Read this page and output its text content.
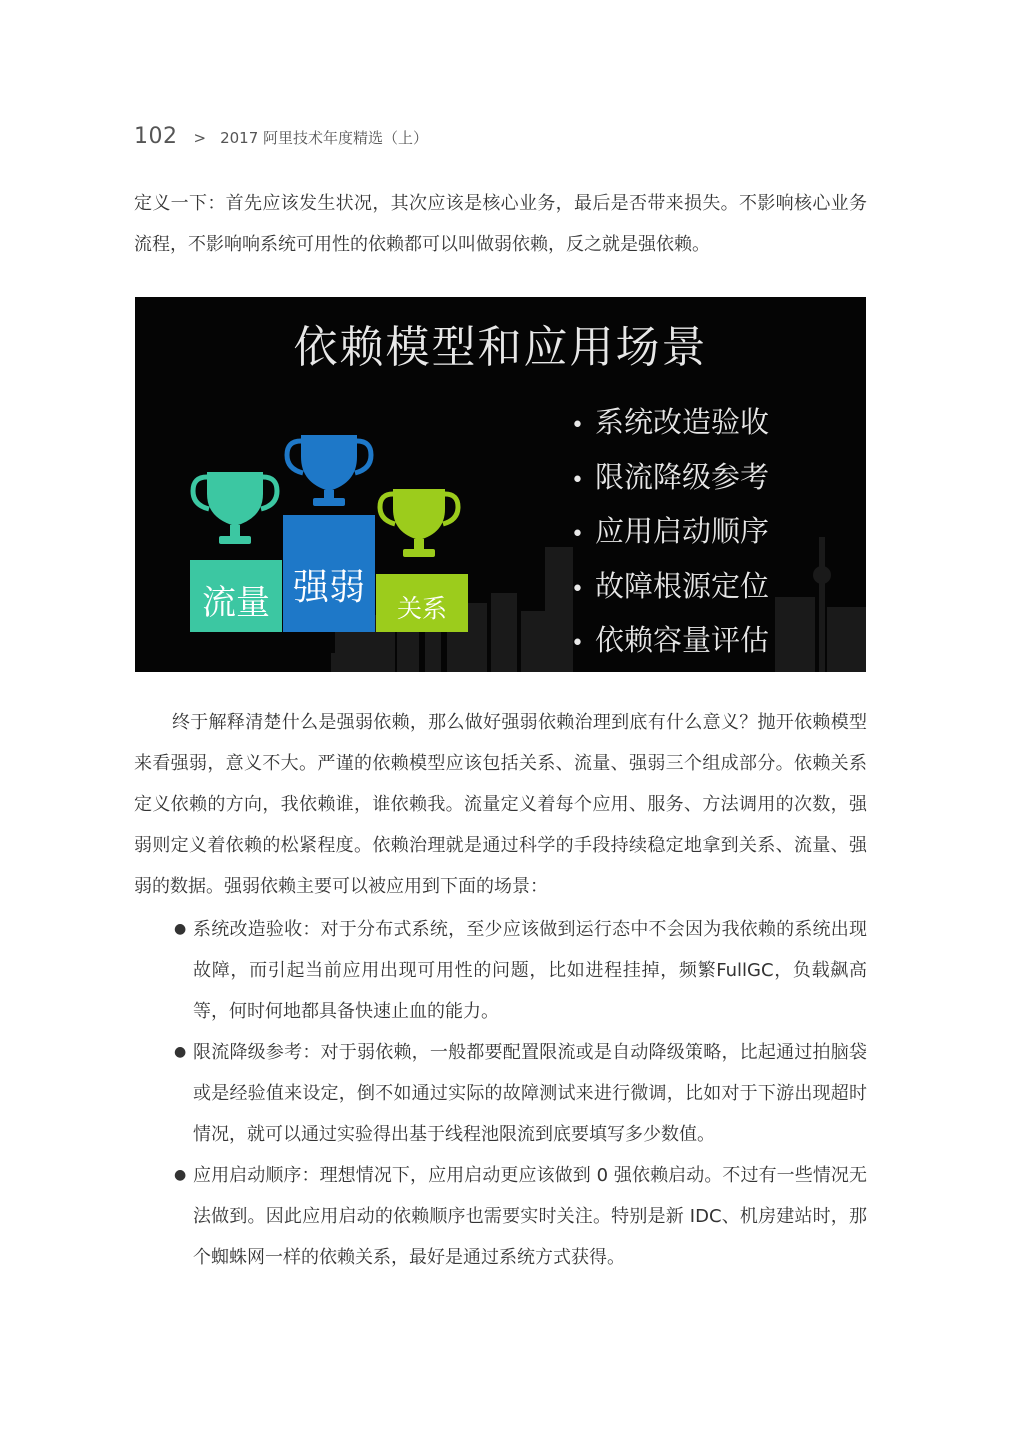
102 > 2017 阿里技术年度精选（上）

定义一下：首先应该发生状况，其次应该是核心业务，最后是否带来损失。不影响核心业务流程，不影响响系统可用性的依赖都可以叫做弱依赖，反之就是强依赖。

依赖模型和应用场景
流量 强弱
关系
• 系统改造验收
• 限流降级参考
• 应用启动顺序
• 故障根源定位
• 依赖容量评估

终于解释清楚什么是强弱依赖，那么做好强弱依赖治理到底有什么意义？抛开依赖模型来看强弱，意义不大。严谨的依赖模型应该包括关系、流量、强弱三个组成部分。依赖关系定义依赖的方向，我依赖谁，谁依赖我。流量定义着每个应用、服务、方法调用的次数，强弱则定义着依赖的松紧程度。依赖治理就是通过科学的手段持续稳定地拿到关系、流量、强弱的数据。强弱依赖主要可以被应用到下面的场景：

● 系统改造验收：对于分布式系统，至少应该做到运行态中不会因为我依赖的系统出现故障，而引起当前应用出现可用性的问题，比如进程挂掉，频繁FullGC，负载飙高等，何时何地都具备快速止血的能力。
● 限流降级参考：对于弱依赖，一般都要配置限流或是自动降级策略，比起通过拍脑袋或是经验值来设定，倒不如通过实际的故障测试来进行微调，比如对于下游出现超时情况，就可以通过实验得出基于线程池限流到底要填写多少数值。
● 应用启动顺序：理想情况下，应用启动更应该做到 0 强依赖启动。不过有一些情况无法做到。因此应用启动的依赖顺序也需要实时关注。特别是新 IDC、机房建站时，那个蜘蛛网一样的依赖关系，最好是通过系统方式获得。
